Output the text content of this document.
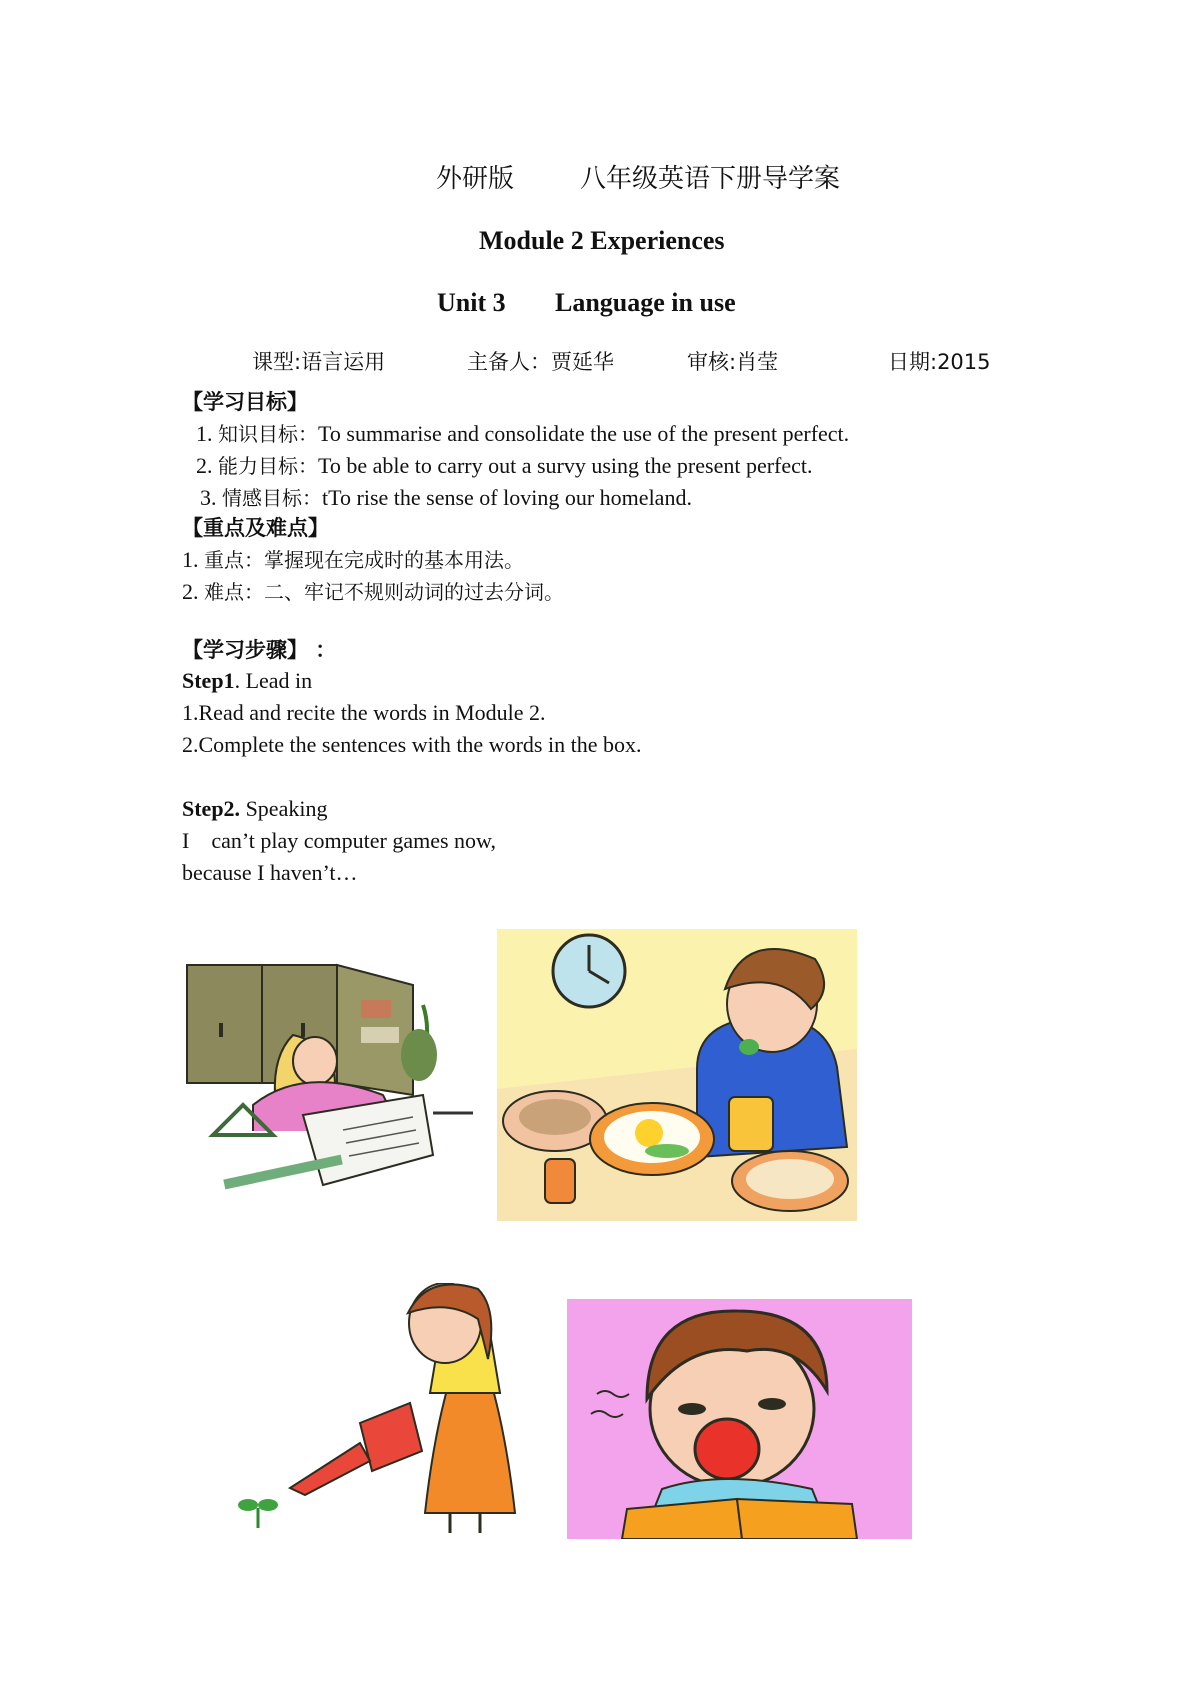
外研版	八年级英语下册导学案
Module 2 Experiences
Unit 3 Language in use
课型:语言运用	主备人：贾延华	审核:肖莹	日期:2015
【学习目标】
1. 知识目标：To summarise and consolidate the use of the present perfect.
2. 能力目标：To be able to carry out a survy using the present perfect.
3. 情感目标：tTo rise the sense of loving our homeland.
【重点及难点】
1. 重点：掌握现在完成时的基本用法。
2. 难点：二、牢记不规则动词的过去分词。
【学习步骤】 ：
Step1. Lead in
1.Read and recite the words in Module 2.
2.Complete the sentences with the words in the box.
Step2. Speaking
I    can’t play computer games now,
because I haven’t…
